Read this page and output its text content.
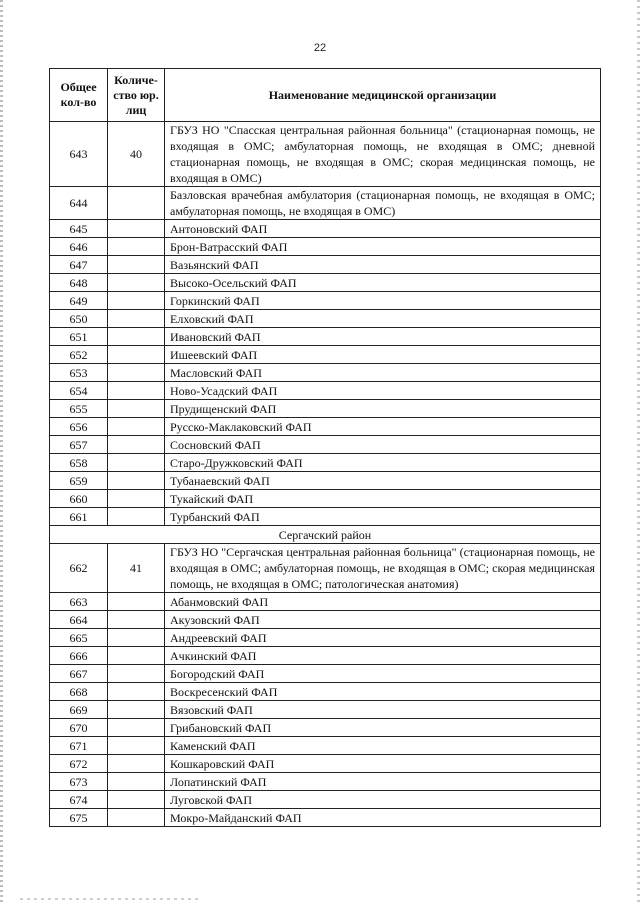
22
Общее кол-во	Количе-ство юр. лиц	Наименование медицинской организации
643	40	ГБУЗ НО "Спасская центральная районная больница" (стационарная помощь, не входящая в ОМС; амбулаторная помощь, не входящая в ОМС; дневной стационарная помощь, не входящая в ОМС; скорая медицинская помощь, не входящая в ОМС)
644		Базловская врачебная амбулатория (стационарная помощь, не входящая в ОМС; амбулаторная помощь, не входящая в ОМС)
645		Антоновский ФАП
646		Брон-Ватрасский ФАП
647		Вазьянский ФАП
648		Высоко-Осельский ФАП
649		Горкинский ФАП
650		Елховский ФАП
651		Ивановский ФАП
652		Ишеевский ФАП
653		Масловский ФАП
654		Ново-Усадский ФАП
655		Прудищенский ФАП
656		Русско-Маклаковский ФАП
657		Сосновский ФАП
658		Старо-Дружковский ФАП
659		Тубанаевский ФАП
660		Тукайский ФАП
661		Турбанский ФАП
Сергачский район		
662	41	ГБУЗ НО "Сергачская центральная районная больница" (стационарная помощь, не входящая в ОМС; амбулаторная помощь, не входящая в ОМС; скорая медицинская помощь, не входящая в ОМС; патологическая анатомия)
663		Абанмовский ФАП
664		Акузовский ФАП
665		Андреевский ФАП
666		Ачкинский ФАП
667		Богородский ФАП
668		Воскресенский ФАП
669		Вязовский ФАП
670		Грибановский ФАП
671		Каменский ФАП
672		Кошкаровский ФАП
673		Лопатинский ФАП
674		Луговской ФАП
675		Мокро-Майданский ФАП
